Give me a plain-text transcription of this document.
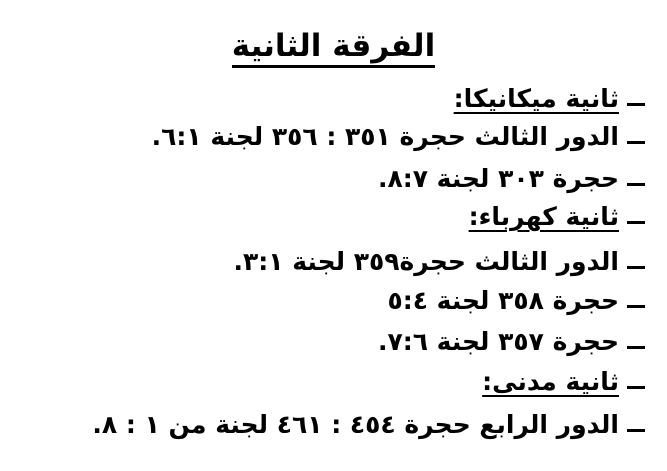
الفرقة الثانية
ثانية ميكانيكا:
الدور الثالث حجرة ٣٥١ : ٣٥٦ لجنة ٦:١.
حجرة ٣٠٣ لجنة ٨:٧.
ثانية كهرباء:
الدور الثالث حجرة٣٥٩ لجنة ٣:١.
حجرة ٣٥٨ لجنة ٥:٤
حجرة ٣٥٧ لجنة ٧:٦.
ثانية مدنى:
الدور الرابع حجرة ٤٥٤ : ٤٦١ لجنة من ١ : ٨.
